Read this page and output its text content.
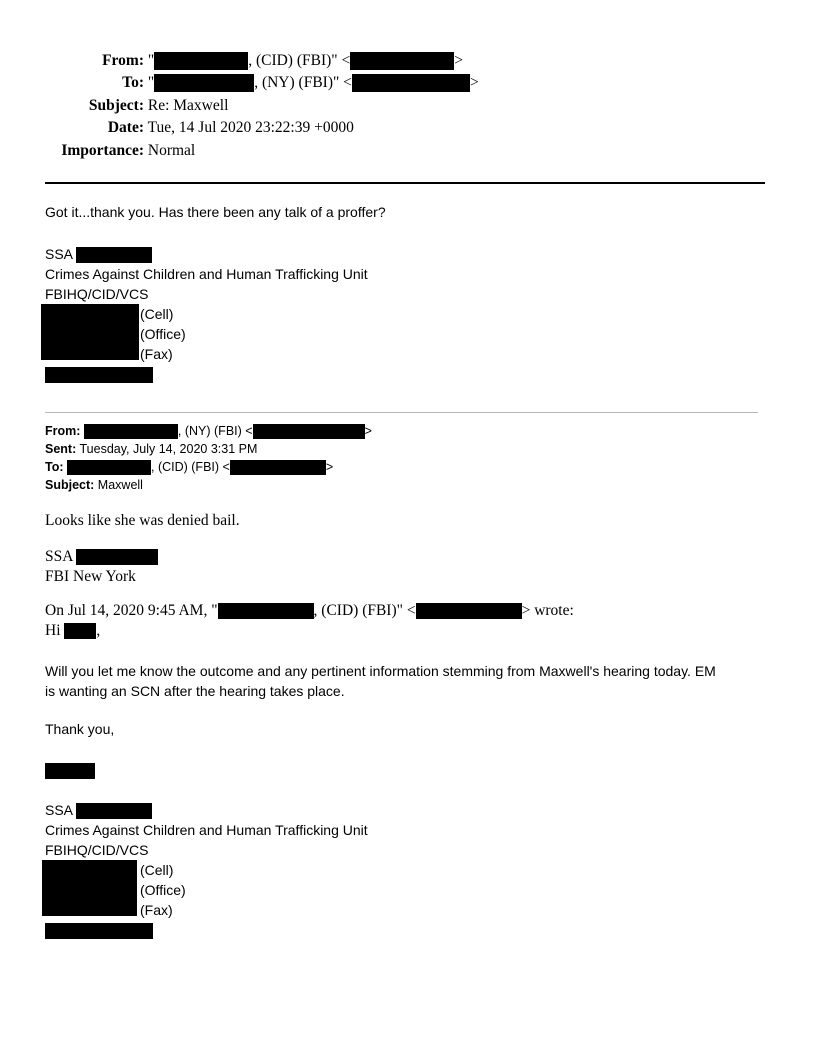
From: "	, (CID) (FBI)" <	>
To: "	, (NY) (FBI)" <	>
Subject: Re: Maxwell
Date: Tue, 14 Jul 2020 23:22:39 +0000
Importance: Normal
Got it...thank you. Has there been any talk of a proffer?
SSA
Crimes Against Children and Human Trafficking Unit
FBIHQ/CID/VCS
(Cell)
(Office)
(Fax)
From:	, (NY) (FBI) <	>
Sent: Tuesday, July 14, 2020 3:31 PM
To:	, (CID) (FBI) <	>
Subject: Maxwell
Looks like she was denied bail.
SSA
FBI New York
On Jul 14, 2020 9:45 AM, "	, (CID) (FBI)" <	> wrote:
Hi ,
Will you let me know the outcome and any pertinent information stemming from Maxwell's hearing today. EM
is wanting an SCN after the hearing takes place.
Thank you,
SSA
Crimes Against Children and Human Trafficking Unit
FBIHQ/CID/VCS
(Cell)
(Office)
(Fax)
